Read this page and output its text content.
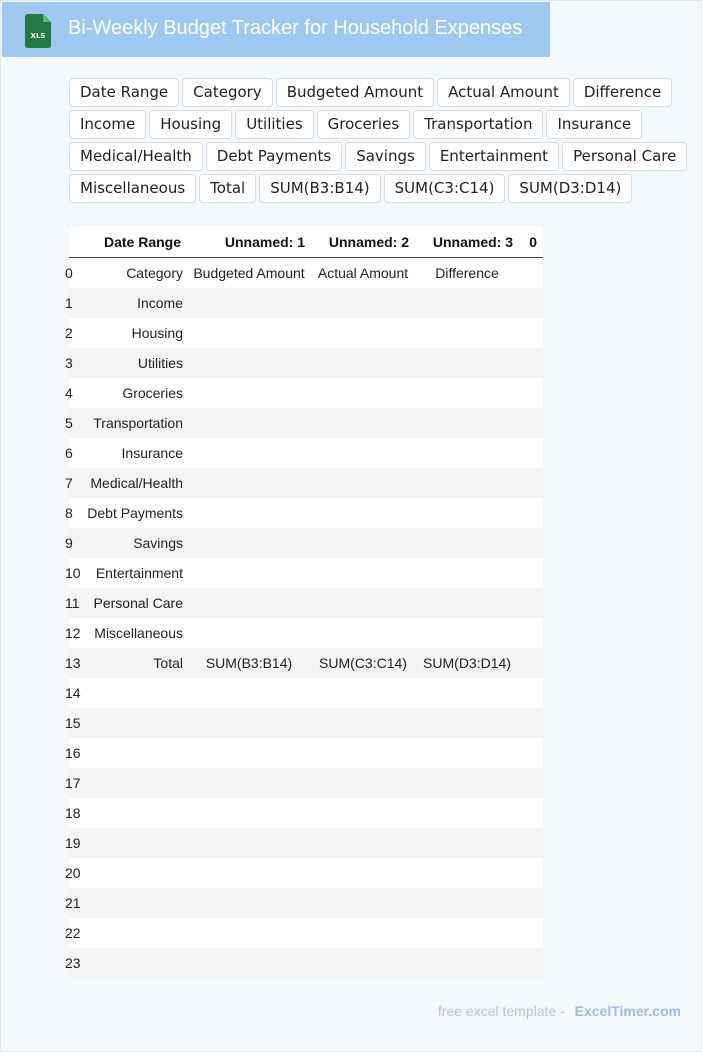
XLS Bi-Weekly Budget Tracker for Household Expenses
Date Range	Category	Budgeted Amount	Actual Amount	Difference
Income	Housing	Utilities	Groceries	Transportation	Insurance
Medical/Health	Debt Payments	Savings	Entertainment	Personal Care
Miscellaneous	Total	SUM(B3:B14)	SUM(C3:C14)	SUM(D3:D14)
	Date Range	Unnamed: 1	Unnamed: 2	Unnamed: 3	0
0	Category	Budgeted Amount	Actual Amount	Difference	
1	Income				
2	Housing				
3	Utilities				
4	Groceries				
5	Transportation				
6	Insurance				
7	Medical/Health				
8	Debt Payments				
9	Savings				
10	Entertainment				
11	Personal Care				
12	Miscellaneous				
13	Total	SUM(B3:B14)	SUM(C3:C14)	SUM(D3:D14)	
14					
15					
16					
17					
18					
19					
20					
21					
22					
23					
free excel template - ExcelTimer.com
